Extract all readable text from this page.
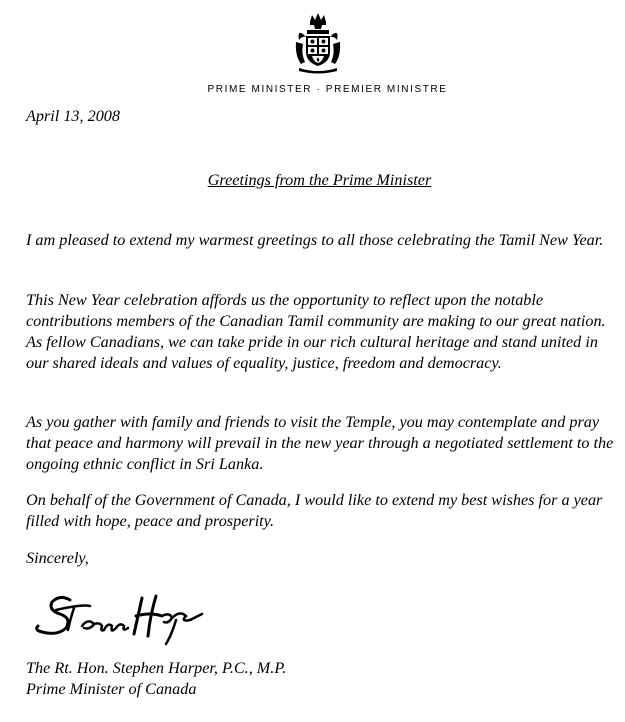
PRIME MINISTER · PREMIER MINISTRE
April 13, 2008
Greetings from the Prime Minister

I am pleased to extend my warmest greetings to all those celebrating the Tamil New Year.

This New Year celebration affords us the opportunity to reflect upon the notable contributions members of the Canadian Tamil community are making to our great nation. As fellow Canadians, we can take pride in our rich cultural heritage and stand united in our shared ideals and values of equality, justice, freedom and democracy.

As you gather with family and friends to visit the Temple, you may contemplate and pray that peace and harmony will prevail in the new year through a negotiated settlement to the ongoing ethnic conflict in Sri Lanka.

On behalf of the Government of Canada, I would like to extend my best wishes for a year filled with hope, peace and prosperity.

Sincerely,
The Rt. Hon. Stephen Harper, P.C., M.P.
Prime Minister of Canada
